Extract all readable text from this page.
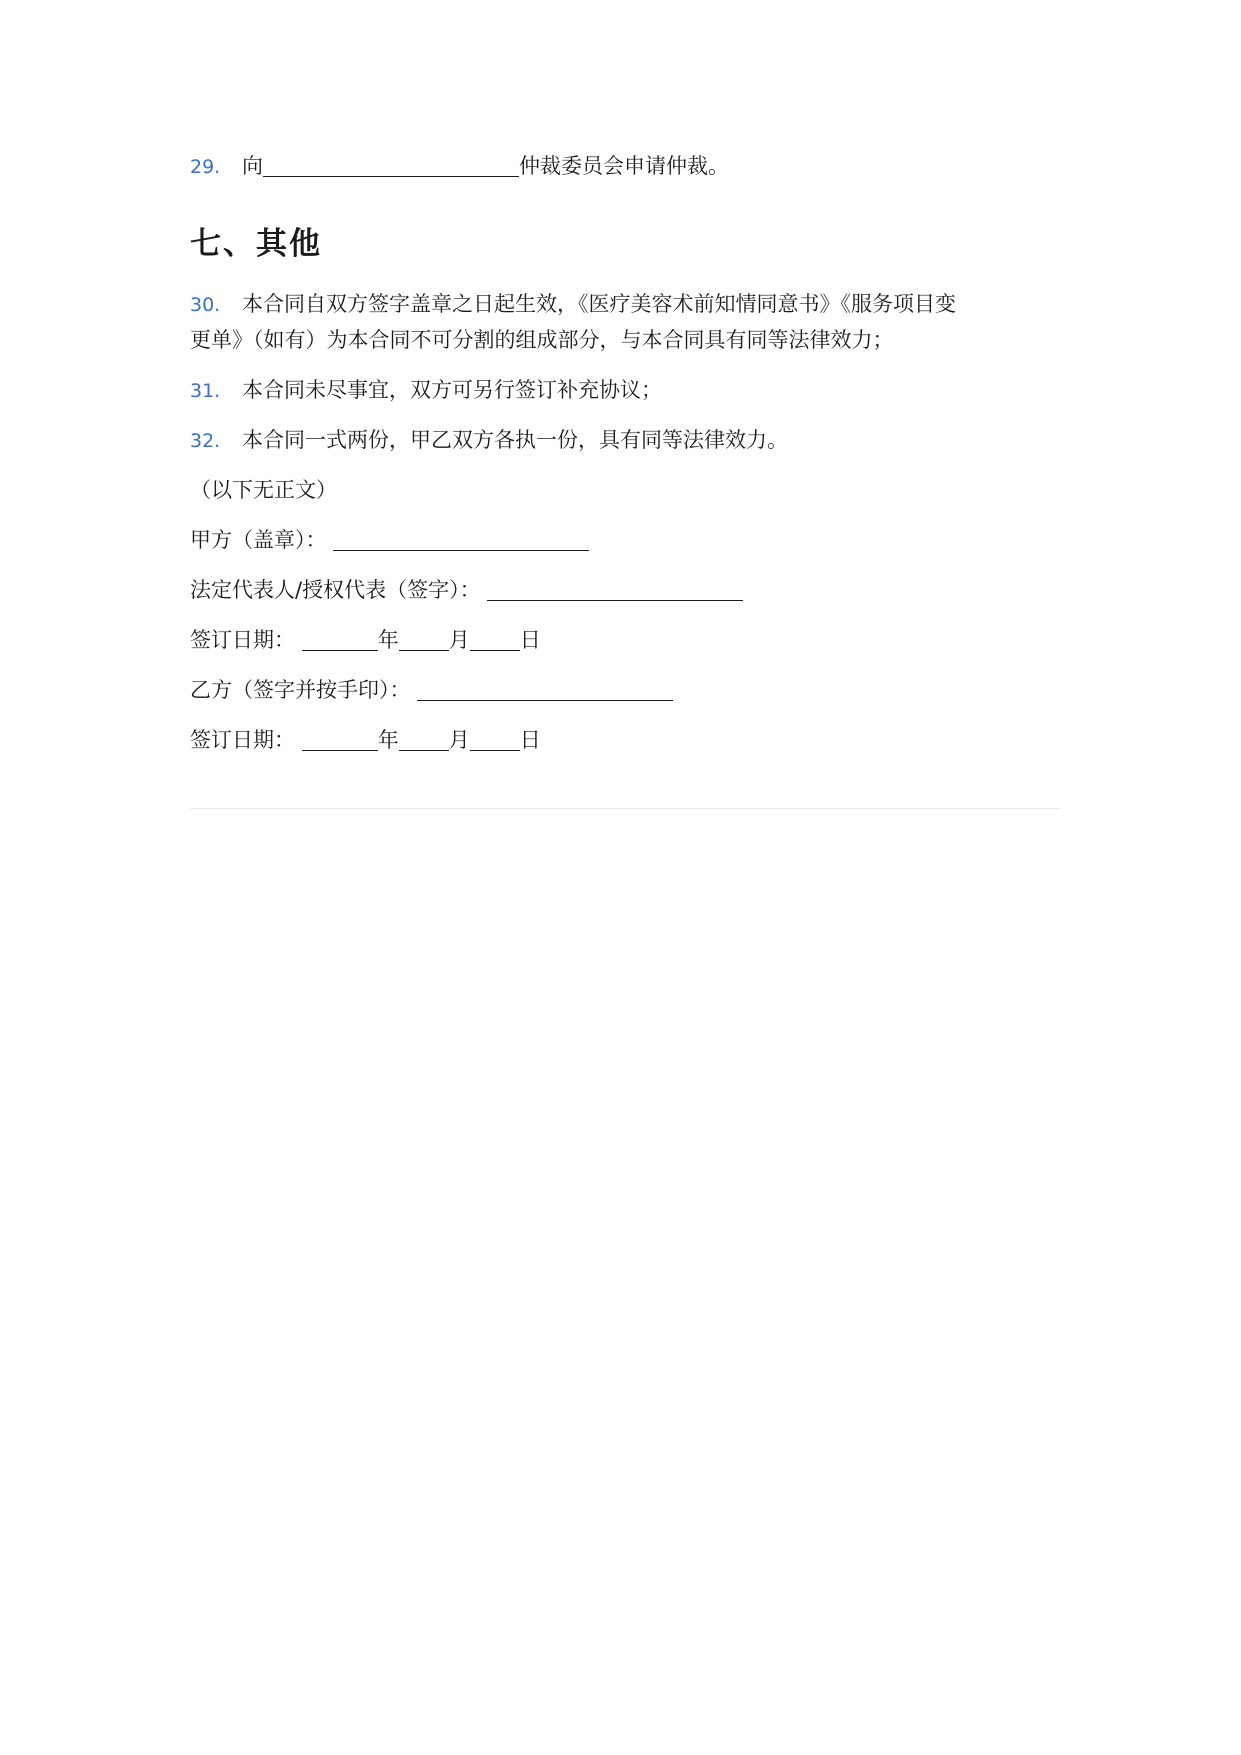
29. 向	仲裁委员会申请仲裁。
七、其他
30. 本合同自双方签字盖章之日起生效，《医疗美容术前知情同意书》《服务项目变
更单》（如有）为本合同不可分割的组成部分，与本合同具有同等法律效力；
31. 本合同未尽事宜，双方可另行签订补充协议；
32. 本合同一式两份，甲乙双方各执一份，具有同等法律效力。
（以下无正文）
甲方（盖章）：
法定代表人/授权代表（签字）：
签订日期：	年 月 日
乙方（签字并按手印）：
签订日期：	年 月 日
